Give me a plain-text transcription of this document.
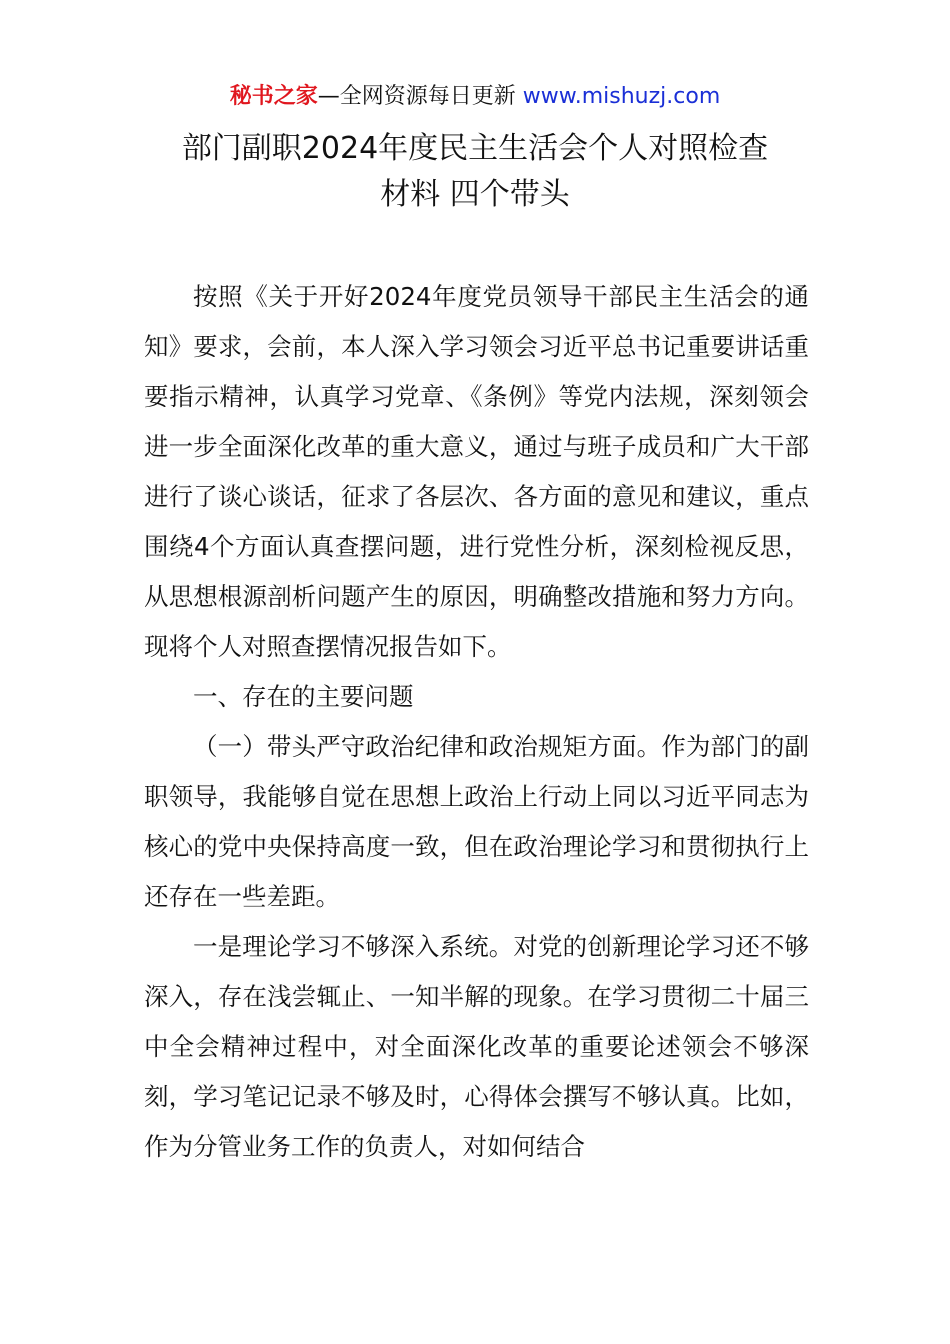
秘书之家—全网资源每日更新 www.mishuzj.com
部门副职2024年度民主生活会个人对照检查
材料 四个带头

按照《关于开好2024年度党员领导干部民主生活会的通知》要求，会前，本人深入学习领会习近平总书记重要讲话重要指示精神，认真学习党章、《条例》等党内法规，深刻领会进一步全面深化改革的重大意义，通过与班子成员和广大干部进行了谈心谈话，征求了各层次、各方面的意见和建议，重点围绕4个方面认真查摆问题，进行党性分析，深刻检视反思，从思想根源剖析问题产生的原因，明确整改措施和努力方向。现将个人对照查摆情况报告如下。

一、存在的主要问题

（一）带头严守政治纪律和政治规矩方面。作为部门的副职领导，我能够自觉在思想上政治上行动上同以习近平同志为核心的党中央保持高度一致，但在政治理论学习和贯彻执行上还存在一些差距。

一是理论学习不够深入系统。对党的创新理论学习还不够深入，存在浅尝辄止、一知半解的现象。在学习贯彻二十届三中全会精神过程中，对全面深化改革的重要论述领会不够深刻，学习笔记记录不够及时，心得体会撰写不够认真。比如，作为分管业务工作的负责人，对如何结合
